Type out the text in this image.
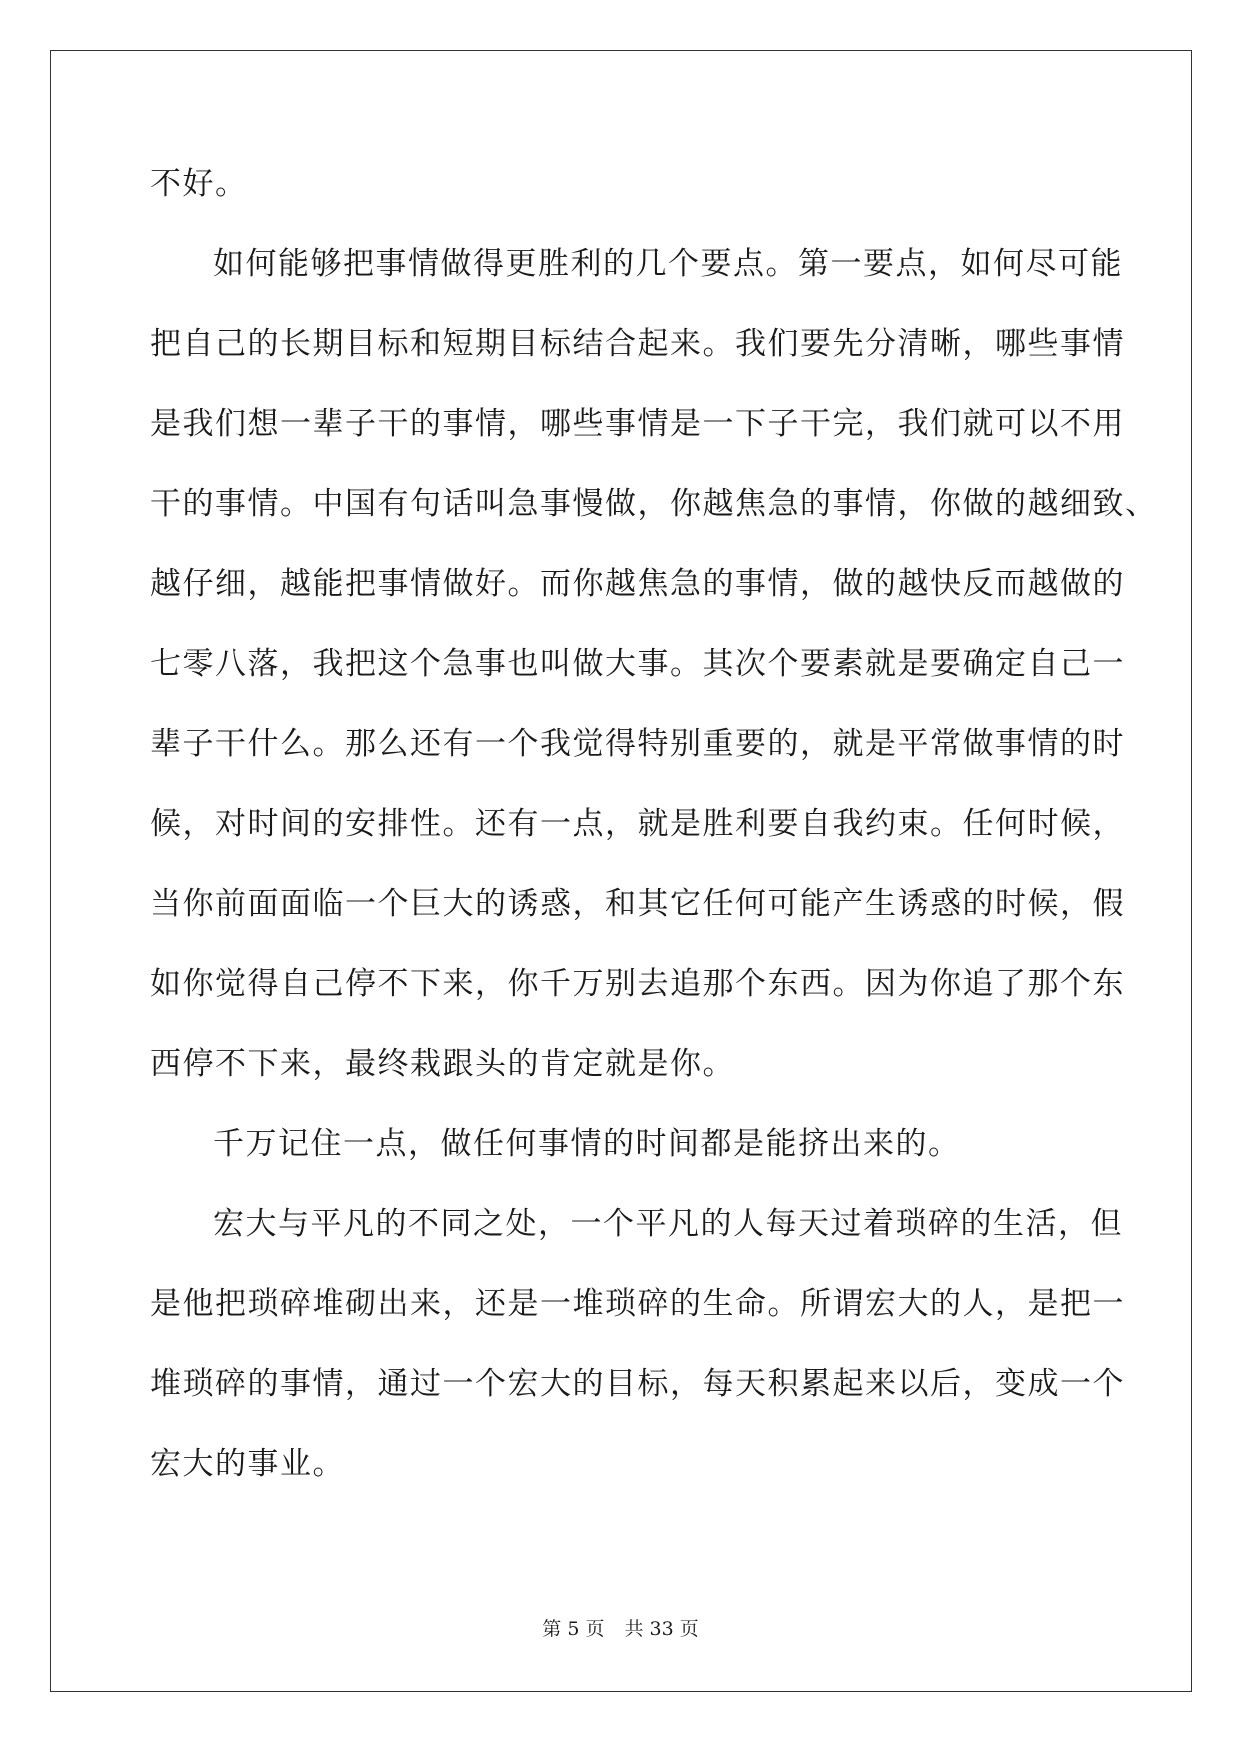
不好。
如何能够把事情做得更胜利的几个要点。第一要点，如何尽可能
把自己的长期目标和短期目标结合起来。我们要先分清晰，哪些事情
是我们想一辈子干的事情，哪些事情是一下子干完，我们就可以不用
干的事情。中国有句话叫急事慢做，你越焦急的事情，你做的越细致、
越仔细，越能把事情做好。而你越焦急的事情，做的越快反而越做的
七零八落，我把这个急事也叫做大事。其次个要素就是要确定自己一
辈子干什么。那么还有一个我觉得特别重要的，就是平常做事情的时
候，对时间的安排性。还有一点，就是胜利要自我约束。任何时候，
当你前面面临一个巨大的诱惑，和其它任何可能产生诱惑的时候，假
如你觉得自己停不下来，你千万别去追那个东西。因为你追了那个东
西停不下来，最终栽跟头的肯定就是你。
千万记住一点，做任何事情的时间都是能挤出来的。
宏大与平凡的不同之处，一个平凡的人每天过着琐碎的生活，但
是他把琐碎堆砌出来，还是一堆琐碎的生命。所谓宏大的人，是把一
堆琐碎的事情，通过一个宏大的目标，每天积累起来以后，变成一个
宏大的事业。
第 5 页 共 33 页
